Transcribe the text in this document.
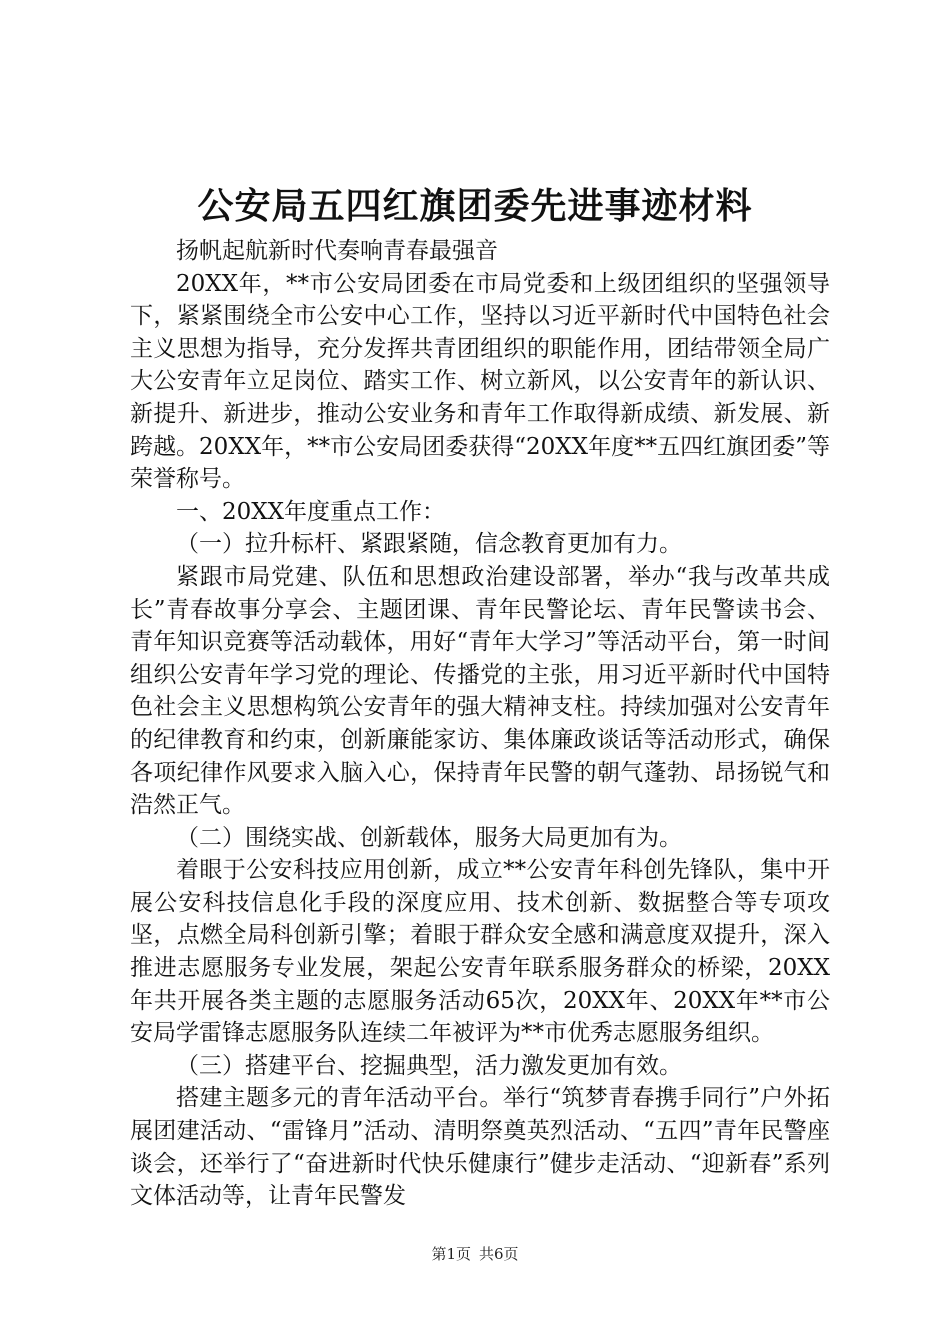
公安局五四红旗团委先进事迹材料

扬帆起航新时代奏响青春最强音

20XX年，**市公安局团委在市局党委和上级团组织的坚强领导下，紧紧围绕全市公安中心工作，坚持以习近平新时代中国特色社会主义思想为指导，充分发挥共青团组织的职能作用，团结带领全局广大公安青年立足岗位、踏实工作、树立新风，以公安青年的新认识、新提升、新进步，推动公安业务和青年工作取得新成绩、新发展、新跨越。20XX年，**市公安局团委获得“20XX年度**五四红旗团委”等荣誉称号。

一、20XX年度重点工作：

（一）拉升标杆、紧跟紧随，信念教育更加有力。

紧跟市局党建、队伍和思想政治建设部署，举办“我与改革共成长”青春故事分享会、主题团课、青年民警论坛、青年民警读书会、青年知识竞赛等活动载体，用好“青年大学习”等活动平台，第一时间组织公安青年学习党的理论、传播党的主张，用习近平新时代中国特色社会主义思想构筑公安青年的强大精神支柱。持续加强对公安青年的纪律教育和约束，创新廉能家访、集体廉政谈话等活动形式，确保各项纪律作风要求入脑入心，保持青年民警的朝气蓬勃、昂扬锐气和浩然正气。

（二）围绕实战、创新载体，服务大局更加有为。

着眼于公安科技应用创新，成立**公安青年科创先锋队，集中开展公安科技信息化手段的深度应用、技术创新、数据整合等专项攻坚，点燃全局科创新引擎；着眼于群众安全感和满意度双提升，深入推进志愿服务专业发展，架起公安青年联系服务群众的桥梁，20XX年共开展各类主题的志愿服务活动65次，20XX年、20XX年**市公安局学雷锋志愿服务队连续二年被评为**市优秀志愿服务组织。

（三）搭建平台、挖掘典型，活力激发更加有效。

搭建主题多元的青年活动平台。举行“筑梦青春携手同行”户外拓展团建活动、“雷锋月”活动、清明祭奠英烈活动、“五四”青年民警座谈会，还举行了“奋进新时代快乐健康行”健步走活动、“迎新春”系列文体活动等，让青年民警发

第1页 共6页
